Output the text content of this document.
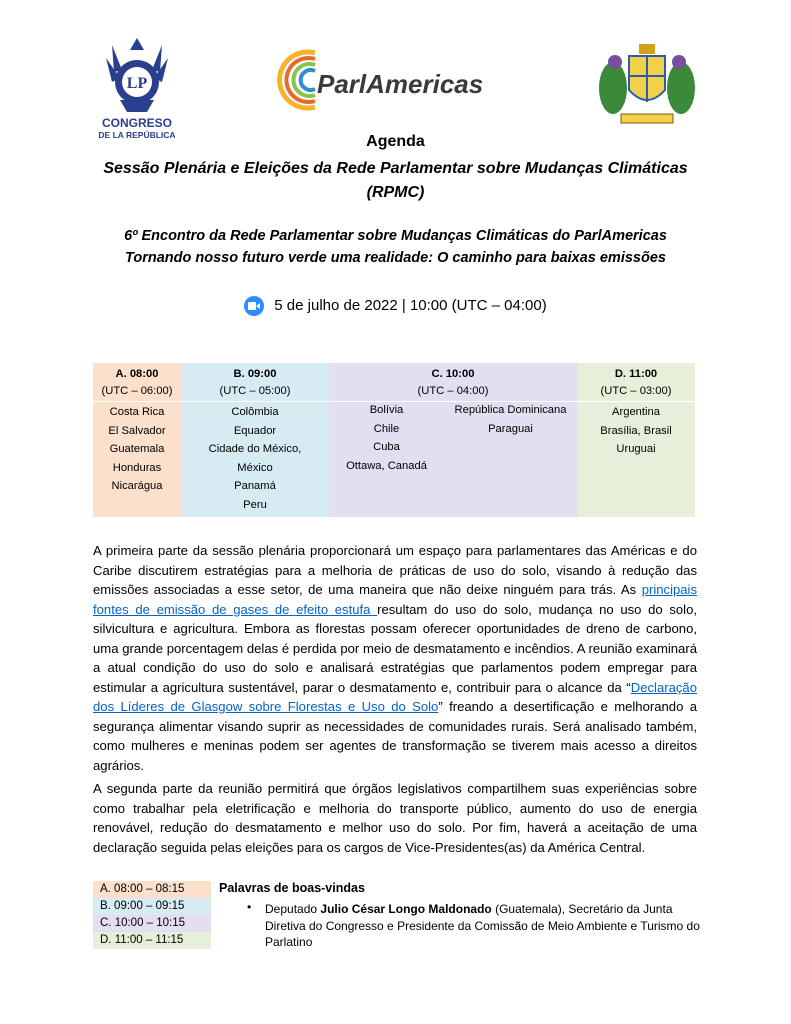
LP
CONGRESO
DE LA REPÚBLICA
ParlAmericas
Agenda
Sessão Plenária e Eleições da Rede Parlamentar sobre Mudanças Climáticas (RPMC)
6º Encontro da Rede Parlamentar sobre Mudanças Climáticas do ParlAmericas
Tornando nosso futuro verde uma realidade: O caminho para baixas emissões
5 de julho de 2022 | 10:00 (UTC – 04:00)
A. 08:00
(UTC – 06:00)
Costa Rica
El Salvador
Guatemala
Honduras
Nicarágua
B. 09:00
(UTC – 05:00)
Colômbia
Equador
Cidade do México,
México
Panamá
Peru
C. 10:00
(UTC – 04:00)
Bolívia
Chile
Cuba
Ottawa, Canadá
República Dominicana
Paraguai
D. 11:00
(UTC – 03:00)
Argentina
Brasília, Brasil
Uruguai
A primeira parte da sessão plenária proporcionará um espaço para parlamentares das Américas e do Caribe discutirem estratégias para a melhoria de práticas de uso do solo, visando à redução das emissões associadas a esse setor, de uma maneira que não deixe ninguém para trás. As principais fontes de emissão de gases de efeito estufa resultam do uso do solo, mudança no uso do solo, silvicultura e agricultura. Embora as florestas possam oferecer oportunidades de dreno de carbono, uma grande porcentagem delas é perdida por meio de desmatamento e incêndios. A reunião examinará a atual condição do uso do solo e analisará estratégias que parlamentos podem empregar para estimular a agricultura sustentável, parar o desmatamento e, contribuir para o alcance da “Declaração dos Líderes de Glasgow sobre Florestas e Uso do Solo” freando a desertificação e melhorando a segurança alimentar visando suprir as necessidades de comunidades rurais. Será analisado também, como mulheres e meninas podem ser agentes de transformação se tiverem mais acesso a direitos agrários.
A segunda parte da reunião permitirá que órgãos legislativos compartilhem suas experiências sobre como trabalhar pela eletrificação e melhoria do transporte público, aumento do uso de energia renovável, redução do desmatamento e melhor uso do solo. Por fim, haverá a aceitação de uma declaração seguida pelas eleições para os cargos de Vice-Presidentes(as) da América Central.
A. 08:00 – 08:15
B. 09:00 – 09:15
C. 10:00 – 10:15
D. 11:00 – 11:15
Palavras de boas-vindas
• Deputado Julio César Longo Maldonado (Guatemala), Secretário da Junta Diretiva do Congresso e Presidente da Comissão de Meio Ambiente e Turismo do Parlatino
